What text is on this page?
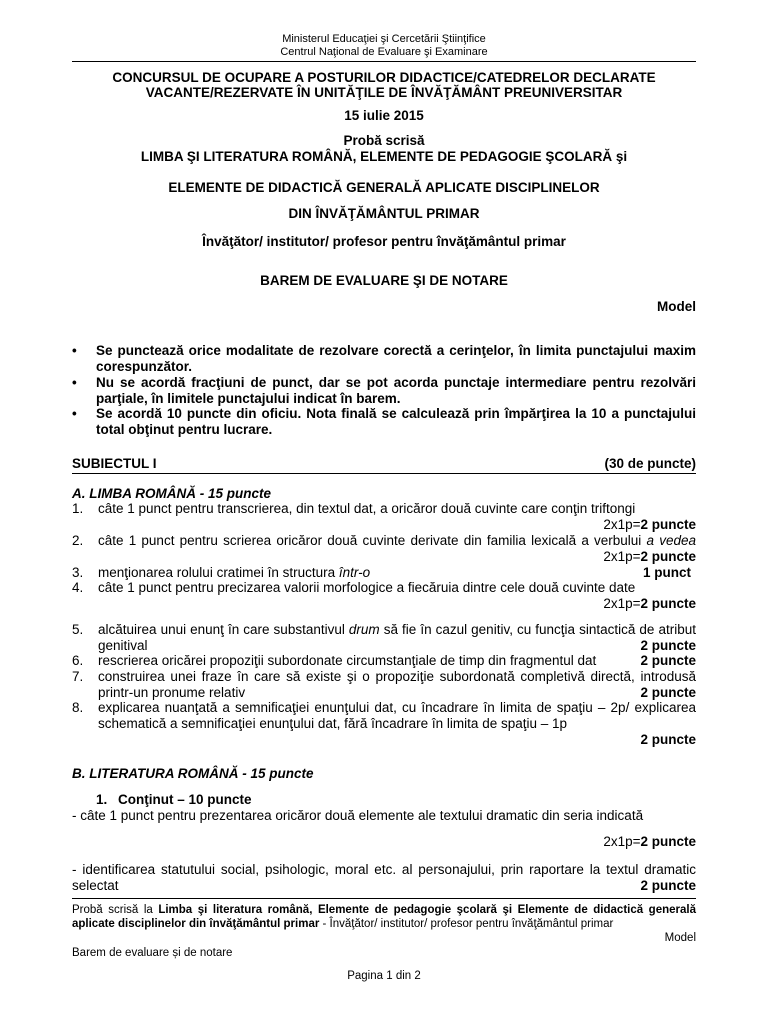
Ministerul Educaţiei şi Cercetării Ştiinţifice
Centrul Naţional de Evaluare şi Examinare
CONCURSUL DE OCUPARE A POSTURILOR DIDACTICE/CATEDRELOR DECLARATE
VACANTE/REZERVATE ÎN UNITĂŢILE DE ÎNVĂŢĂMÂNT PREUNIVERSITAR
15 iulie 2015
Probă scrisă
LIMBA ŞI LITERATURA ROMÂNĂ, ELEMENTE DE PEDAGOGIE ŞCOLARĂ şi
ELEMENTE DE DIDACTICĂ GENERALĂ APLICATE DISCIPLINELOR
DIN ÎNVĂŢĂMÂNTUL PRIMAR
Învăţător/ institutor/ profesor pentru învăţământul primar
BAREM DE EVALUARE ŞI DE NOTARE
Model
• Se punctează orice modalitate de rezolvare corectă a cerinţelor, în limita punctajului maxim corespunzător.
• Nu se acordă fracţiuni de punct, dar se pot acorda punctaje intermediare pentru rezolvări parţiale, în limitele punctajului indicat în barem.
• Se acordă 10 puncte din oficiu. Nota finală se calculează prin împărţirea la 10 a punctajului total obţinut pentru lucrare.
SUBIECTUL I	(30 de puncte)
A. LIMBA ROMÂNĂ - 15 puncte
1. câte 1 punct pentru transcrierea, din textul dat, a oricăror două cuvinte care conţin triftongi
2x1p=2 puncte
2. câte 1 punct pentru scrierea oricăror două cuvinte derivate din familia lexicală a verbului a vedea
2x1p=2 puncte
3. menţionarea rolului cratimei în structura într-o	1 punct
4. câte 1 punct pentru precizarea valorii morfologice a fiecăruia dintre cele două cuvinte date
2x1p=2 puncte
5. alcătuirea unui enunţ în care substantivul drum să fie în cazul genitiv, cu funcţia sintactică de atribut genitival	2 puncte
6. rescrierea oricărei propoziţii subordonate circumstanţiale de timp din fragmentul dat	2 puncte
7. construirea unei fraze în care să existe şi o propoziţie subordonată completivă directă, introdusă printr-un pronume relativ	2 puncte
8. explicarea nuanţată a semnificaţiei enunţului dat, cu încadrare în limita de spaţiu – 2p/ explicarea schematică a semnificaţiei enunţului dat, fără încadrare în limita de spaţiu – 1p
2 puncte
B. LITERATURA ROMÂNĂ - 15 puncte
1. Conţinut – 10 puncte
- câte 1 punct pentru prezentarea oricăror două elemente ale textului dramatic din seria indicată
2x1p=2 puncte
- identificarea statutului social, psihologic, moral etc. al personajului, prin raportare la textul dramatic selectat	2 puncte
Probă scrisă la Limba şi literatura română, Elemente de pedagogie şcolară şi Elemente de didactică generală aplicate disciplinelor din învăţământul primar - Învăţător/ institutor/ profesor pentru învăţământul primar
Model
Barem de evaluare și de notare
Pagina 1 din 2
